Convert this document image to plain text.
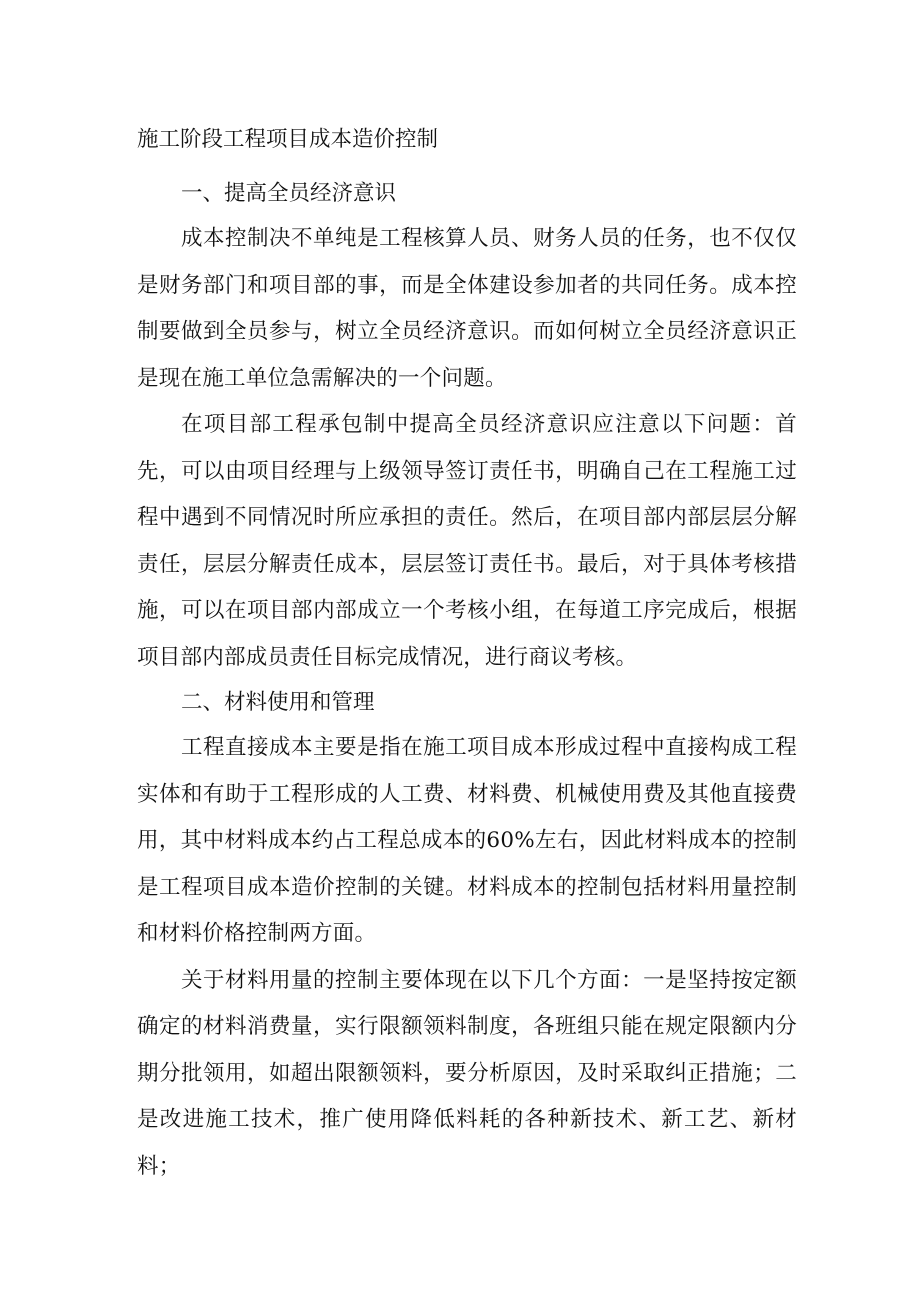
施工阶段工程项目成本造价控制
一、提高全员经济意识

成本控制决不单纯是工程核算人员、财务人员的任务，也不仅仅是财务部门和项目部的事，而是全体建设参加者的共同任务。成本控制要做到全员参与，树立全员经济意识。而如何树立全员经济意识正是现在施工单位急需解决的一个问题。

在项目部工程承包制中提高全员经济意识应注意以下问题：首先，可以由项目经理与上级领导签订责任书，明确自己在工程施工过程中遇到不同情况时所应承担的责任。然后，在项目部内部层层分解责任，层层分解责任成本，层层签订责任书。最后，对于具体考核措施，可以在项目部内部成立一个考核小组，在每道工序完成后，根据项目部内部成员责任目标完成情况，进行商议考核。

二、材料使用和管理

工程直接成本主要是指在施工项目成本形成过程中直接构成工程实体和有助于工程形成的人工费、材料费、机械使用费及其他直接费用，其中材料成本约占工程总成本的60%左右，因此材料成本的控制是工程项目成本造价控制的关键。材料成本的控制包括材料用量控制和材料价格控制两方面。

关于材料用量的控制主要体现在以下几个方面：一是坚持按定额确定的材料消费量，实行限额领料制度，各班组只能在规定限额内分期分批领用，如超出限额领料，要分析原因，及时采取纠正措施；二是改进施工技术，推广使用降低料耗的各种新技术、新工艺、新材料；
